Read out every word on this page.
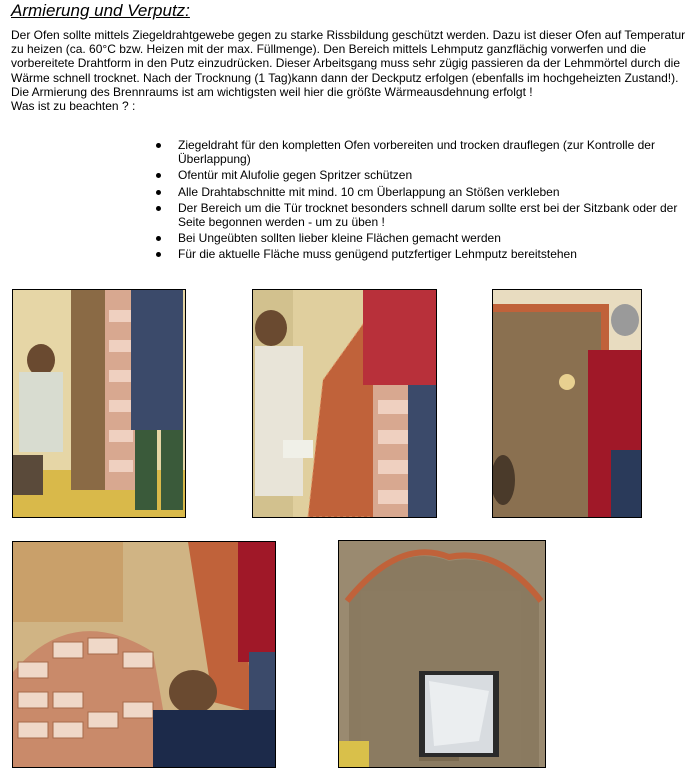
Armierung und Verputz:

Der Ofen sollte mittels Ziegeldrahtgewebe gegen zu starke Rissbildung geschützt werden. Dazu ist dieser Ofen auf Temperatur zu heizen (ca. 60°C bzw. Heizen mit der max. Füllmenge). Den Bereich mittels Lehmputz ganzflächig vorwerfen und die vorbereitete Drahtform in den Putz einzudrücken. Dieser Arbeitsgang muss sehr zügig passieren da der Lehmmörtel durch die Wärme schnell trocknet. Nach der Trocknung (1 Tag)kann dann der Deckputz erfolgen (ebenfalls im hochgeheizten Zustand!). Die Armierung des Brennraums ist am wichtigsten weil hier die größte Wärmeausdehnung erfolgt !

Was ist zu beachten ? :

Ziegeldraht für den kompletten Ofen vorbereiten und trocken drauflegen (zur Kontrolle der Überlappung)
Ofentür mit Alufolie gegen Spritzer schützen
Alle Drahtabschnitte mit mind. 10 cm Überlappung an Stößen verkleben
Der Bereich um die Tür trocknet besonders schnell darum sollte erst bei der Sitzbank oder der Seite begonnen werden - um zu üben !
Bei Ungeübten sollten lieber kleine Flächen gemacht werden
Für die aktuelle Fläche muss genügend putzfertiger Lehmputz bereitstehen
